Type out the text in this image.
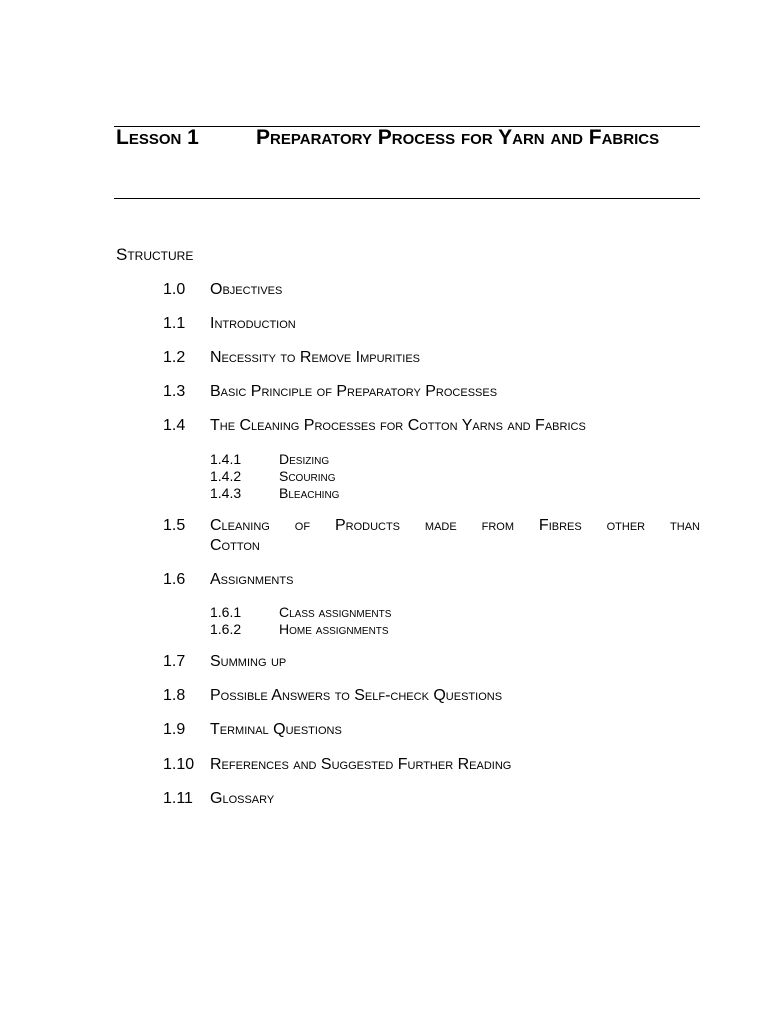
Lesson 1	Preparatory Process for Yarn and Fabrics
Structure
1.0	Objectives
1.1	Introduction
1.2	Necessity to Remove Impurities
1.3	Basic Principle of Preparatory Processes
1.4	The Cleaning Processes for Cotton Yarns and Fabrics
1.4.1	Desizing
1.4.2	Scouring
1.4.3	Bleaching
1.5	Cleaning of Products made from Fibres other than
Cotton
1.6	Assignments
1.6.1	Class assignments
1.6.2	Home assignments
1.7	Summing up
1.8	Possible Answers to Self-check Questions
1.9	Terminal Questions
1.10 References and Suggested Further Reading
1.11	Glossary
